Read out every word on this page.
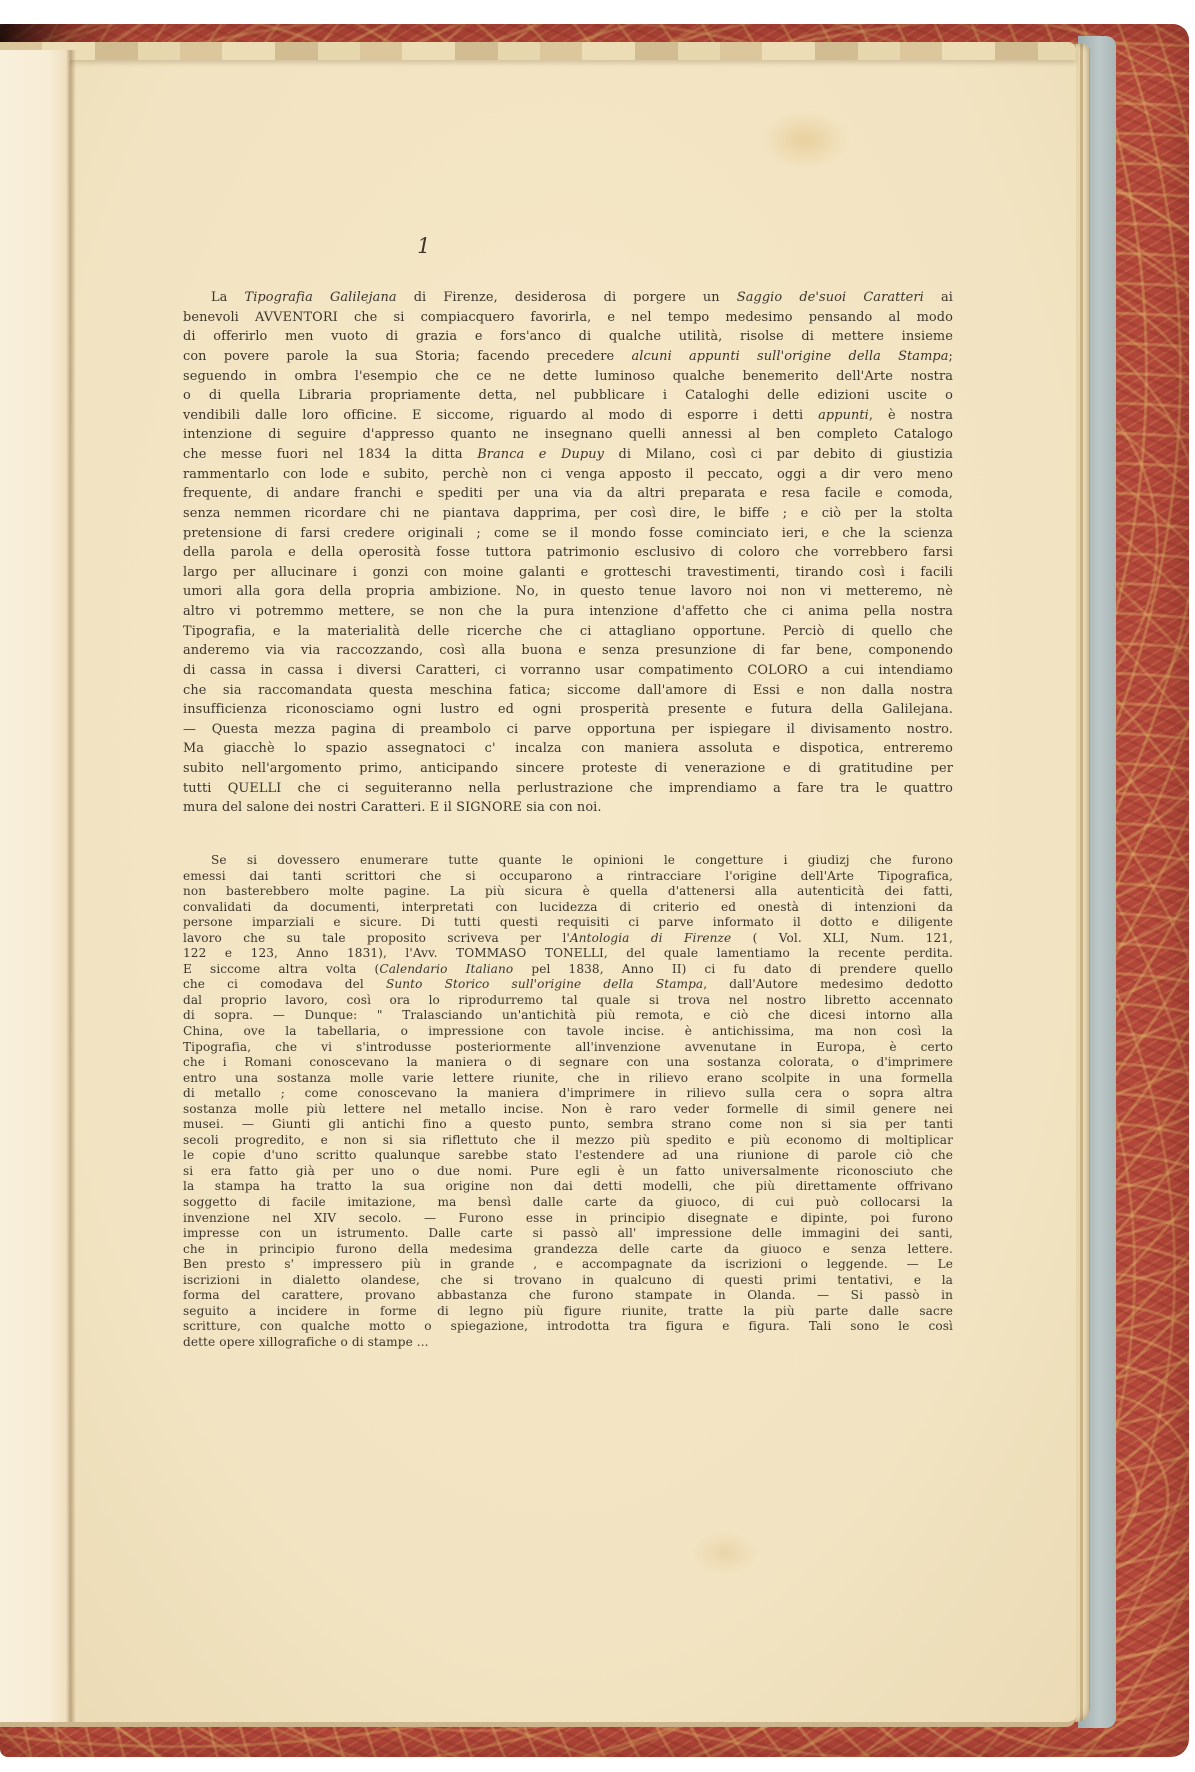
1
La Tipografia Galilejana di Firenze, desiderosa di porgere un Saggio de'suoi Caratteri ai
benevoli AVVENTORI che si compiacquero favorirla, e nel tempo medesimo pensando al modo
di offerirlo men vuoto di grazia e fors'anco di qualche utilità, risolse di mettere insieme
con povere parole la sua Storia; facendo precedere alcuni appunti sull'origine della Stampa;
seguendo in ombra l'esempio che ce ne dette luminoso qualche benemerito dell'Arte nostra
o di quella Libraria propriamente detta, nel pubblicare i Cataloghi delle edizioni uscite o
vendibili dalle loro officine. E siccome, riguardo al modo di esporre i detti appunti, è nostra
intenzione di seguire d'appresso quanto ne insegnano quelli annessi al ben completo Catalogo
che messe fuori nel 1834 la ditta Branca e Dupuy di Milano, così ci par debito di giustizia
rammentarlo con lode e subito, perchè non ci venga apposto il peccato, oggi a dir vero meno
frequente, di andare franchi e spediti per una via da altri preparata e resa facile e comoda,
senza nemmen ricordare chi ne piantava dapprima, per così dire, le biffe ; e ciò per la stolta
pretensione di farsi credere originali ; come se il mondo fosse cominciato ieri, e che la scienza
della parola e della operosità fosse tuttora patrimonio esclusivo di coloro che vorrebbero farsi
largo per allucinare i gonzi con moine galanti e grotteschi travestimenti, tirando così i facili
umori alla gora della propria ambizione. No, in questo tenue lavoro noi non vi metteremo, nè
altro vi potremmo mettere, se non che la pura intenzione d'affetto che ci anima pella nostra
Tipografia, e la materialità delle ricerche che ci attagliano opportune. Perciò di quello che
anderemo via via raccozzando, così alla buona e senza presunzione di far bene, componendo
di cassa in cassa i diversi Caratteri, ci vorranno usar compatimento COLORO a cui intendiamo
che sia raccomandata questa meschina fatica; siccome dall'amore di Essi e non dalla nostra
insufficienza riconosciamo ogni lustro ed ogni prosperità presente e futura della Galilejana.
— Questa mezza pagina di preambolo ci parve opportuna per ispiegare il divisamento nostro.
Ma giacchè lo spazio assegnatoci c' incalza con maniera assoluta e dispotica, entreremo
subito nell'argomento primo, anticipando sincere proteste di venerazione e di gratitudine per
tutti QUELLI che ci seguiteranno nella perlustrazione che imprendiamo a fare tra le quattro
mura del salone dei nostri Caratteri. E il SIGNORE sia con noi.
Se si dovessero enumerare tutte quante le opinioni le congetture i giudizj che furono
emessi dai tanti scrittori che si occuparono a rintracciare l'origine dell'Arte Tipografica,
non basterebbero molte pagine. La più sicura è quella d'attenersi alla autenticità dei fatti,
convalidati da documenti, interpretati con lucidezza di criterio ed onestà di intenzioni da
persone imparziali e sicure. Di tutti questi requisiti ci parve informato il dotto e diligente
lavoro che su tale proposito scriveva per l'Antologia di Firenze ( Vol. XLI, Num. 121,
122 e 123, Anno 1831), l'Avv. TOMMASO TONELLI, del quale lamentiamo la recente perdita.
E siccome altra volta (Calendario Italiano pel 1838, Anno II) ci fu dato di prendere quello
che ci comodava del Sunto Storico sull'origine della Stampa, dall'Autore medesimo dedotto
dal proprio lavoro, così ora lo riprodurremo tal quale si trova nel nostro libretto accennato
di sopra. — Dunque: " Tralasciando un'antichità più remota, e ciò che dicesi intorno alla
China, ove la tabellaria, o impressione con tavole incise. è antichissima, ma non così la
Tipografia, che vi s'introdusse posteriormente all'invenzione avvenutane in Europa, è certo
che i Romani conoscevano la maniera o di segnare con una sostanza colorata, o d'imprimere
entro una sostanza molle varie lettere riunite, che in rilievo erano scolpite in una formella
di metallo ; come conoscevano la maniera d'imprimere in rilievo sulla cera o sopra altra
sostanza molle più lettere nel metallo incise. Non è raro veder formelle di simil genere nei
musei. — Giunti gli antichi fino a questo punto, sembra strano come non si sia per tanti
secoli progredito, e non si sia riflettuto che il mezzo più spedito e più economo di moltiplicar
le copie d'uno scritto qualunque sarebbe stato l'estendere ad una riunione di parole ciò che
si era fatto già per uno o due nomi. Pure egli è un fatto universalmente riconosciuto che
la stampa ha tratto la sua origine non dai detti modelli, che più direttamente offrivano
soggetto di facile imitazione, ma bensì dalle carte da giuoco, di cui può collocarsi la
invenzione nel XIV secolo. — Furono esse in principio disegnate e dipinte, poi furono
impresse con un istrumento. Dalle carte si passò all' impressione delle immagini dei santi,
che in principio furono della medesima grandezza delle carte da giuoco e senza lettere.
Ben presto s' impressero più in grande , e accompagnate da iscrizioni o leggende. — Le
iscrizioni in dialetto olandese, che si trovano in qualcuno di questi primi tentativi, e la
forma del carattere, provano abbastanza che furono stampate in Olanda. — Si passò in
seguito a incidere in forme di legno più figure riunite, tratte la più parte dalle sacre
scritture, con qualche motto o spiegazione, introdotta tra figura e figura. Tali sono le così
dette opere xillografiche o di stampe ...
